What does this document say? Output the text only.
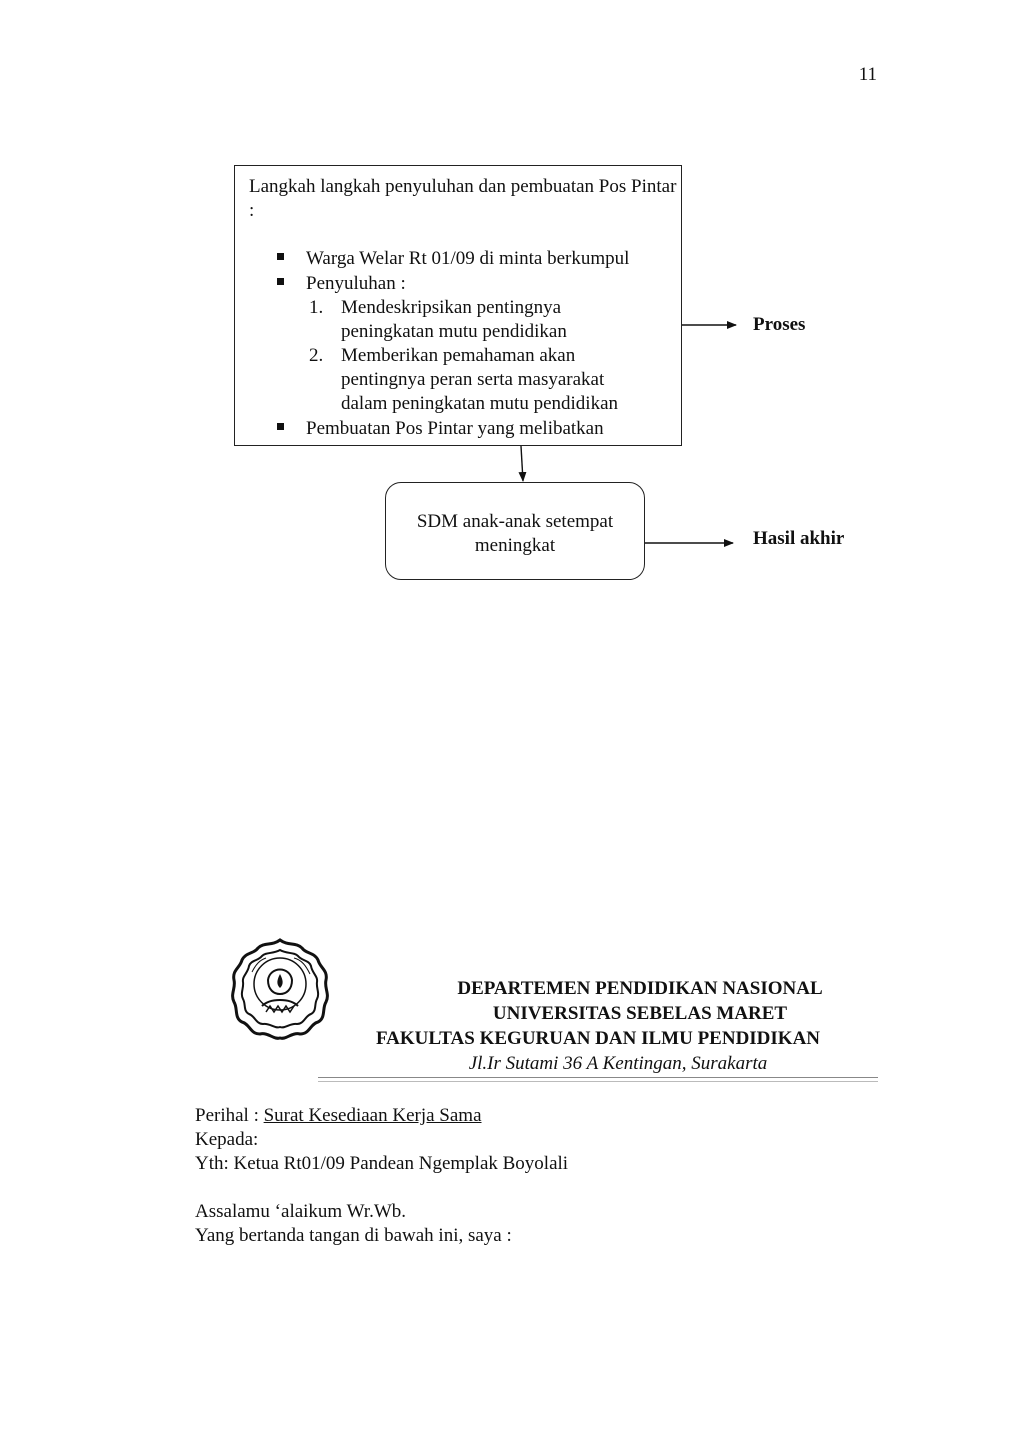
11
Langkah langkah penyuluhan dan pembuatan Pos Pintar :
Warga Welar Rt 01/09 di minta berkumpul
Penyuluhan :
1. Mendeskripsikan pentingnya
peningkatan mutu pendidikan
2. Memberikan pemahaman akan
pentingnya peran serta masyarakat
dalam peningkatan mutu pendidikan
Pembuatan Pos Pintar yang melibatkan
Proses
SDM anak-anak setempat
meningkat	Hasil akhir
DEPARTEMEN PENDIDIKAN NASIONAL
UNIVERSITAS SEBELAS MARET
FAKULTAS KEGURUAN DAN ILMU PENDIDIKAN
Jl.Ir Sutami 36 A Kentingan, Surakarta
Perihal : Surat Kesediaan Kerja Sama
Kepada:
Yth: Ketua Rt01/09 Pandean Ngemplak Boyolali
Assalamu ‘alaikum Wr.Wb.
Yang bertanda tangan di bawah ini, saya :
